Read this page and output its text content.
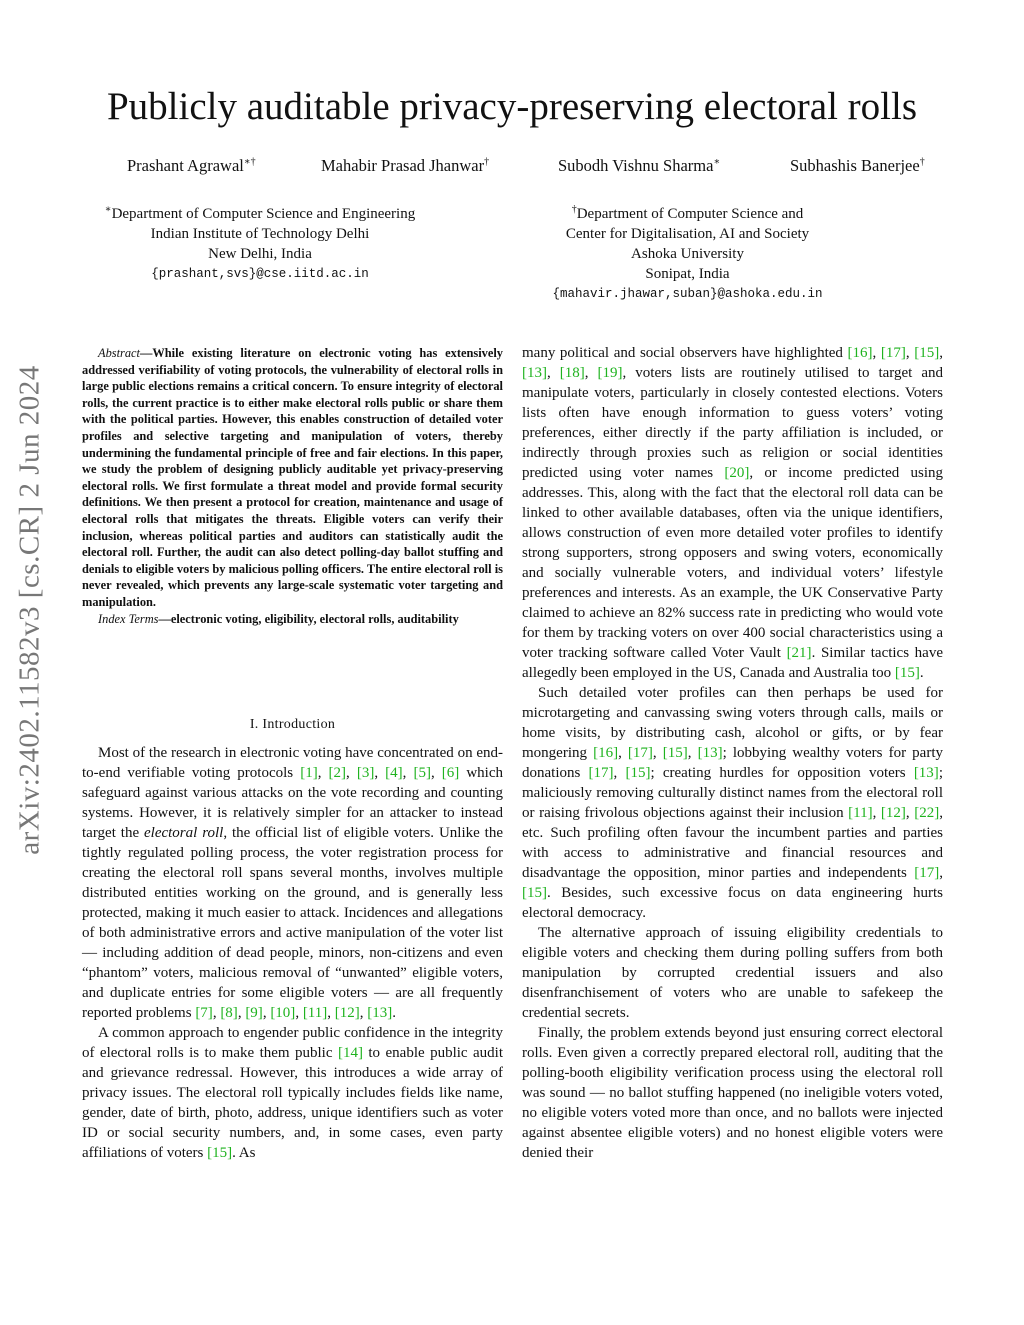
arXiv:2402.11582v3 [cs.CR] 2 Jun 2024
Publicly auditable privacy-preserving electoral rolls
Prashant Agrawal∗†	Mahabir Prasad Jhanwar†	Subodh Vishnu Sharma∗	Subhashis Banerjee†
∗Department of Computer Science and Engineering
Indian Institute of Technology Delhi
New Delhi, India
{prashant,svs}@cse.iitd.ac.in
†Department of Computer Science and
Center for Digitalisation, AI and Society
Ashoka University
Sonipat, India
{mahavir.jhawar,suban}@ashoka.edu.in

Abstract—While existing literature on electronic voting has extensively addressed verifiability of voting protocols, the vulnerability of electoral rolls in large public elections remains a critical concern. To ensure integrity of electoral rolls, the current practice is to either make electoral rolls public or share them with the political parties. However, this enables construction of detailed voter profiles and selective targeting and manipulation of voters, thereby undermining the fundamental principle of free and fair elections. In this paper, we study the problem of designing publicly auditable yet privacy-preserving electoral rolls. We first formulate a threat model and provide formal security definitions. We then present a protocol for creation, maintenance and usage of electoral rolls that mitigates the threats. Eligible voters can verify their inclusion, whereas political parties and auditors can statistically audit the electoral roll. Further, the audit can also detect polling-day ballot stuffing and denials to eligible voters by malicious polling officers. The entire electoral roll is never revealed, which prevents any large-scale systematic voter targeting and manipulation.

Index Terms—electronic voting, eligibility, electoral rolls, auditability

I. Introduction

Most of the research in electronic voting have concentrated on end-to-end verifiable voting protocols [1], [2], [3], [4], [5], [6] which safeguard against various attacks on the vote recording and counting systems. However, it is relatively simpler for an attacker to instead target the electoral roll, the official list of eligible voters. Unlike the tightly regulated polling process, the voter registration process for creating the electoral roll spans several months, involves multiple distributed entities working on the ground, and is generally less protected, making it much easier to attack. Incidences and allegations of both administrative errors and active manipulation of the voter list — including addition of dead people, minors, non-citizens and even “phantom” voters, malicious removal of “unwanted” eligible voters, and duplicate entries for some eligible voters — are all frequently reported problems [7], [8], [9], [10], [11], [12], [13].

A common approach to engender public confidence in the integrity of electoral rolls is to make them public [14] to enable public audit and grievance redressal. However, this introduces a wide array of privacy issues. The electoral roll typically includes fields like name, gender, date of birth, photo, address, unique identifiers such as voter ID or social security numbers, and, in some cases, even party affiliations of voters [15]. As

many political and social observers have highlighted [16], [17], [15], [13], [18], [19], voters lists are routinely utilised to target and manipulate voters, particularly in closely contested elections. Voters lists often have enough information to guess voters’ voting preferences, either directly if the party affiliation is included, or indirectly through proxies such as religion or social identities predicted using voter names [20], or income predicted using addresses. This, along with the fact that the electoral roll data can be linked to other available databases, often via the unique identifiers, allows construction of even more detailed voter profiles to identify strong supporters, strong opposers and swing voters, economically and socially vulnerable voters, and individual voters’ lifestyle preferences and interests. As an example, the UK Conservative Party claimed to achieve an 82% success rate in predicting who would vote for them by tracking voters on over 400 social characteristics using a voter tracking software called Voter Vault [21]. Similar tactics have allegedly been employed in the US, Canada and Australia too [15].

Such detailed voter profiles can then perhaps be used for microtargeting and canvassing swing voters through calls, mails or home visits, by distributing cash, alcohol or gifts, or by fear mongering [16], [17], [15], [13]; lobbying wealthy voters for party donations [17], [15]; creating hurdles for opposition voters [13]; maliciously removing culturally distinct names from the electoral roll or raising frivolous objections against their inclusion [11], [12], [22], etc. Such profiling often favour the incumbent parties and parties with access to administrative and financial resources and disadvantage the opposition, minor parties and independents [17], [15]. Besides, such excessive focus on data engineering hurts electoral democracy.

The alternative approach of issuing eligibility credentials to eligible voters and checking them during polling suffers from both manipulation by corrupted credential issuers and also disenfranchisement of voters who are unable to safekeep the credential secrets.

Finally, the problem extends beyond just ensuring correct electoral rolls. Even given a correctly prepared electoral roll, auditing that the polling-booth eligibility verification process using the electoral roll was sound — no ballot stuffing happened (no ineligible voters voted, no eligible voters voted more than once, and no ballots were injected against absentee eligible voters) and no honest eligible voters were denied their
